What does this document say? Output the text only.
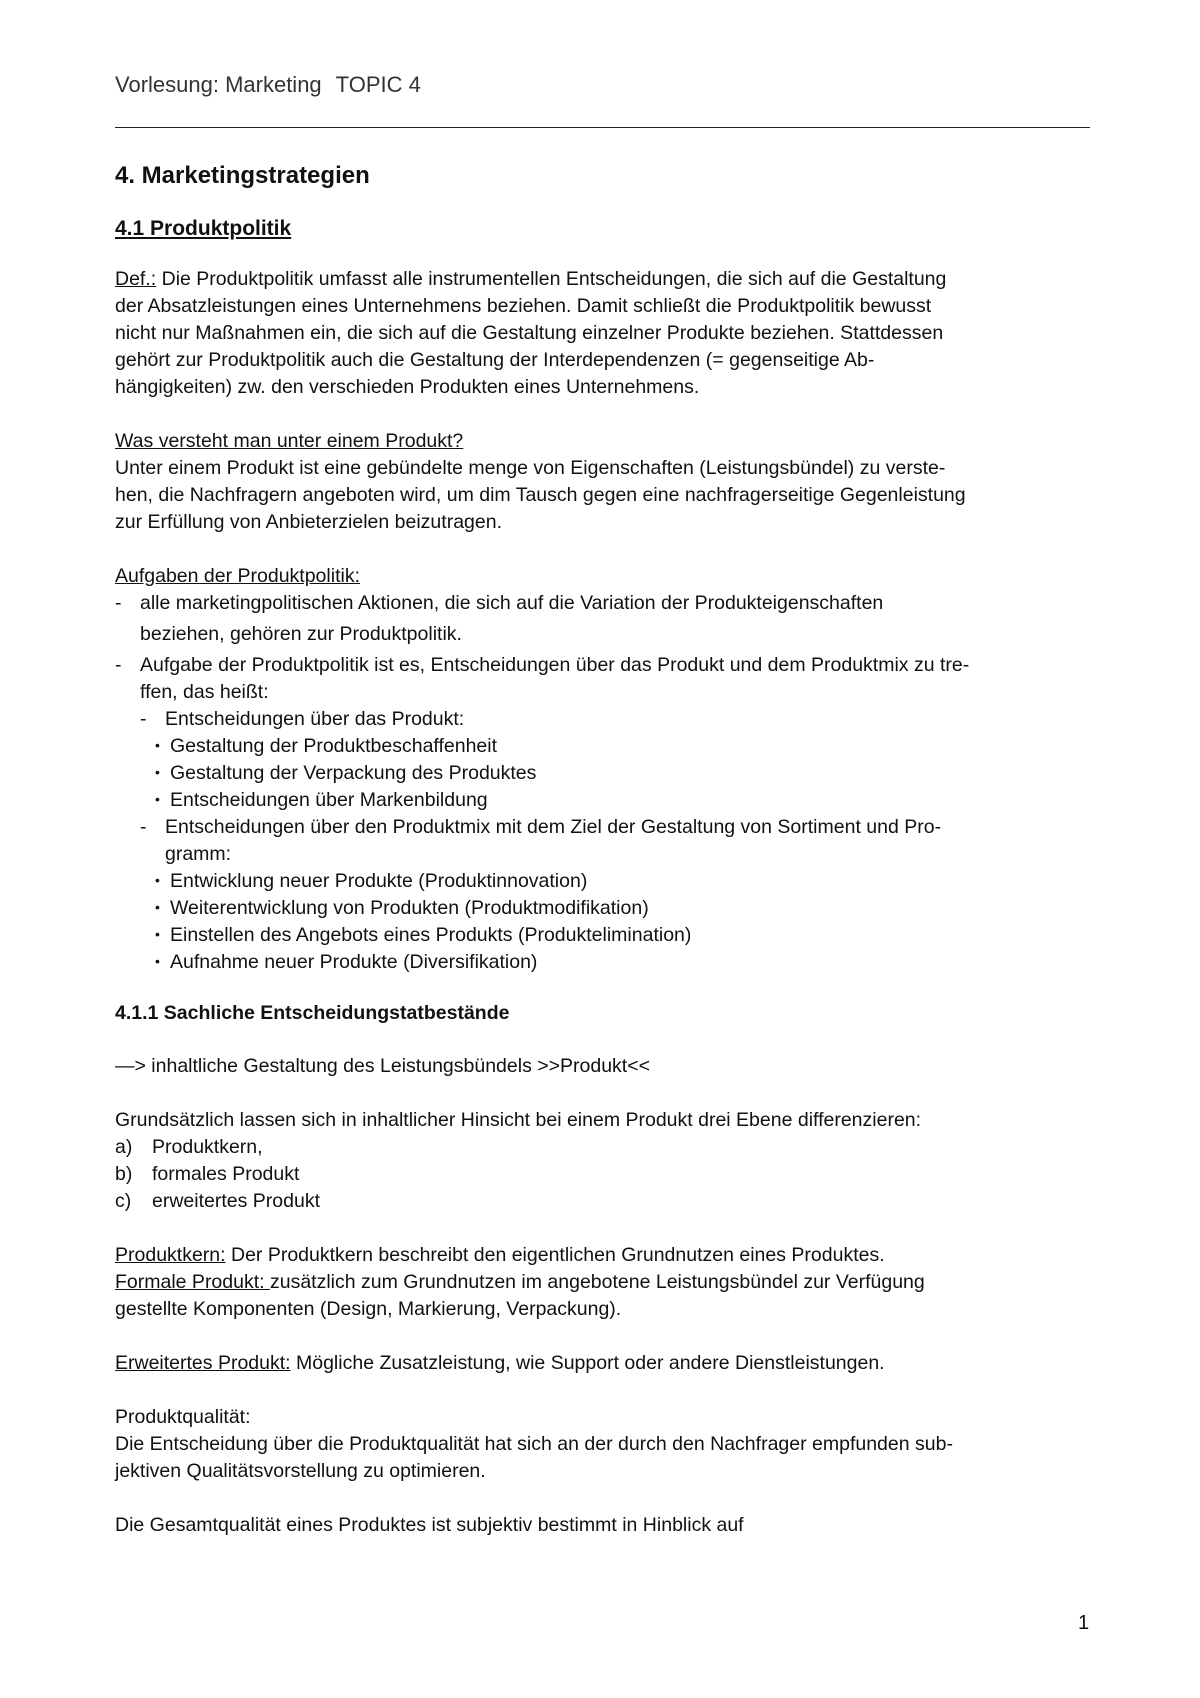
Vorlesung: Marketing TOPIC 4
4. Marketingstrategien
4.1 Produktpolitik

Def.: Die Produktpolitik umfasst alle instrumentellen Entscheidungen, die sich auf die Gestaltung

der Absatzleistungen eines Unternehmens beziehen. Damit schließt die Produktpolitik bewusst

nicht nur Maßnahmen ein, die sich auf die Gestaltung einzelner Produkte beziehen. Stattdessen

gehört zur Produktpolitik auch die Gestaltung der Interdependenzen (= gegenseitige Ab-

hängigkeiten) zw. den verschieden Produkten eines Unternehmens.

Was versteht man unter einem Produkt?

Unter einem Produkt ist eine gebündelte menge von Eigenschaften (Leistungsbündel) zu verste-

hen, die Nachfragern angeboten wird, um dim Tausch gegen eine nachfragerseitige Gegenleistung

zur Erfüllung von Anbieterzielen beizutragen.

Aufgaben der Produktpolitik:

- alle marketingpolitischen Aktionen, die sich auf die Variation der Produkteigenschaften

beziehen, gehören zur Produktpolitik.

- Aufgabe der Produktpolitik ist es, Entscheidungen über das Produkt und dem Produktmix zu tre-

ffen, das heißt:

- Entscheidungen über das Produkt:

• Gestaltung der Produktbeschaffenheit

• Gestaltung der Verpackung des Produktes

• Entscheidungen über Markenbildung

- Entscheidungen über den Produktmix mit dem Ziel der Gestaltung von Sortiment und Pro-

gramm:

• Entwicklung neuer Produkte (Produktinnovation)

• Weiterentwicklung von Produkten (Produktmodifikation)

• Einstellen des Angebots eines Produkts (Produktelimination)

• Aufnahme neuer Produkte (Diversifikation)

4.1.1 Sachliche Entscheidungstatbestände

—> inhaltliche Gestaltung des Leistungsbündels >>Produkt<<

Grundsätzlich lassen sich in inhaltlicher Hinsicht bei einem Produkt drei Ebene differenzieren:

a) Produktkern,

b) formales Produkt

c) erweitertes Produkt

Produktkern: Der Produktkern beschreibt den eigentlichen Grundnutzen eines Produktes.

Formale Produkt: zusätzlich zum Grundnutzen im angebotene Leistungsbündel zur Verfügung

gestellte Komponenten (Design, Markierung, Verpackung).

Erweitertes Produkt: Mögliche Zusatzleistung, wie Support oder andere Dienstleistungen.

Produktqualität:

Die Entscheidung über die Produktqualität hat sich an der durch den Nachfrager empfunden sub-

jektiven Qualitätsvorstellung zu optimieren.

Die Gesamtqualität eines Produktes ist subjektiv bestimmt in Hinblick auf

1
